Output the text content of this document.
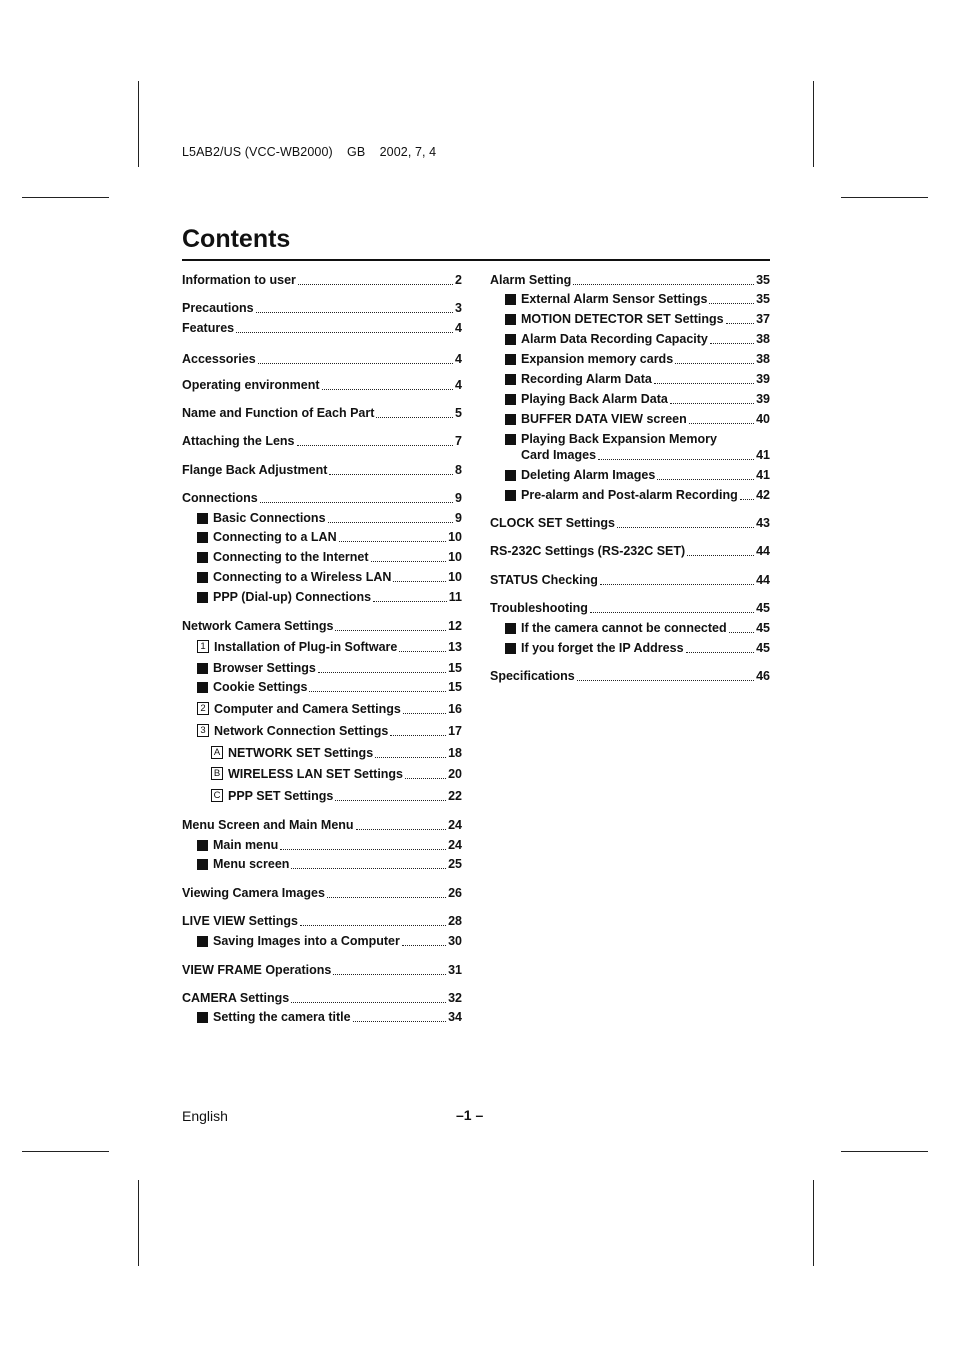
L5AB2/US (VCC-WB2000)    GB    2002, 7, 4
Contents
Information to user	2
Precautions	3
Features	4
Accessories	4
Operating environment	4
Name and Function of Each Part	5
Attaching the Lens	7
Flange Back Adjustment	8
Connections	9
Basic Connections	9
Connecting to a LAN	10
Connecting to the Internet	10
Connecting to a Wireless LAN	10
PPP (Dial-up) Connections	11
Network Camera Settings	12
1 Installation of Plug-in Software	13
Browser Settings	15
Cookie Settings	15
2 Computer and Camera Settings	16
3 Network Connection Settings	17
A NETWORK SET Settings	18
B WIRELESS LAN SET Settings	20
C PPP SET Settings	22
Menu Screen and Main Menu	24
Main menu	24
Menu screen	25
Viewing Camera Images	26
LIVE VIEW Settings	28
Saving Images into a Computer	30
VIEW FRAME Operations	31
CAMERA Settings	32
Setting the camera title	34
Alarm Setting	35
External Alarm Sensor Settings	35
MOTION DETECTOR SET Settings	37
Alarm Data Recording Capacity	38
Expansion memory cards	38
Recording Alarm Data	39
Playing Back Alarm Data	39
BUFFER DATA VIEW screen	40
Playing Back Expansion Memory
Card Images	41
Deleting Alarm Images	41
Pre-alarm and Post-alarm Recording 42
CLOCK SET Settings	43
RS-232C Settings (RS-232C SET)	44
STATUS Checking	44
Troubleshooting	45
If the camera cannot be connected 45
If you forget the IP Address	45
Specifications	46
English	–1 –
